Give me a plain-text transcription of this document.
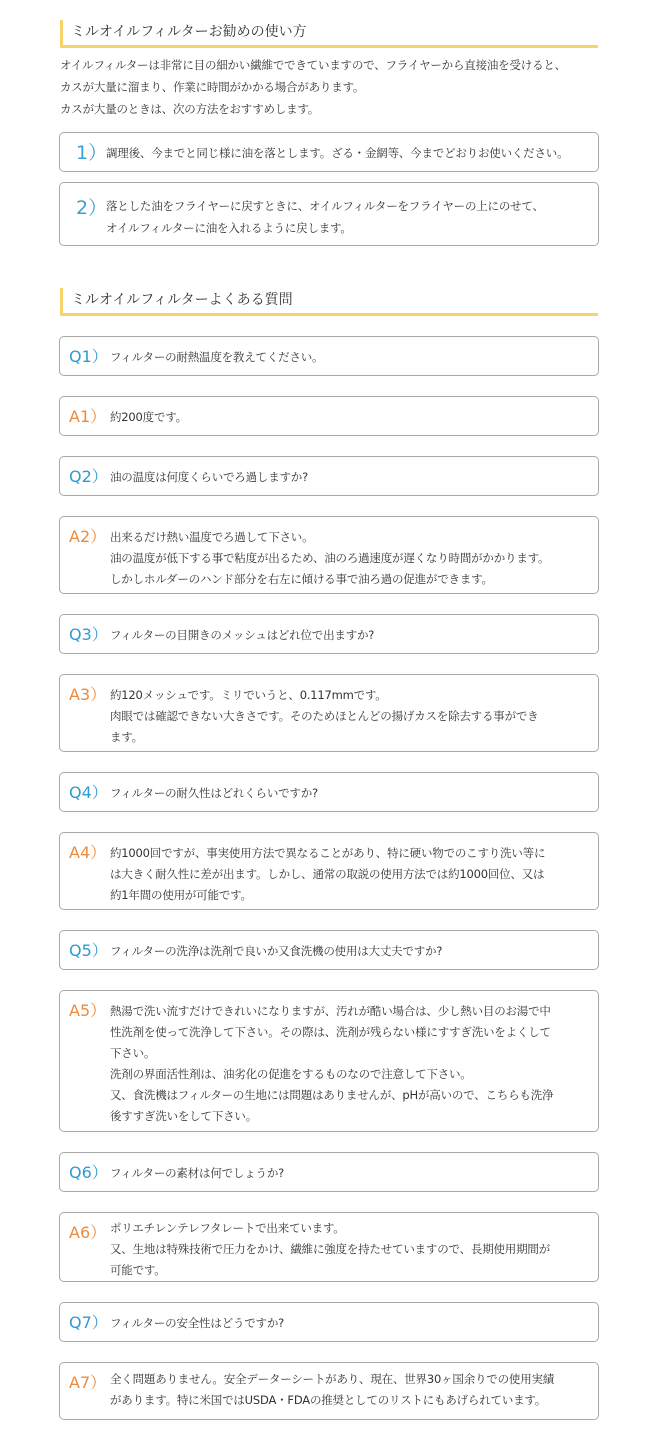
ミルオイルフィルターお勧めの使い方

オイルフィルターは非常に目の細かい繊維でできていますので、フライヤーから直接油を受けると、

カスが大量に溜まり、作業に時間がかかる場合があります。

カスが大量のときは、次の方法をおすすめします。

1）
調理後、今までと同じ様に油を落とします。ざる・金網等、今までどおりお使いください。
2）
落とした油をフライヤーに戻すときに、オイルフィルターをフライヤーの上にのせて、
オイルフィルターに油を入れるように戻します。
ミルオイルフィルターよくある質問
Q1） フィルターの耐熱温度を教えてください。
A1） 約200度です。
Q2） 油の温度は何度くらいでろ過しますか?
A2） 出来るだけ熱い温度でろ過して下さい。
油の温度が低下する事で粘度が出るため、油のろ過速度が遅くなり時間がかかります。
しかしホルダーのハンド部分を右左に傾ける事で油ろ過の促進ができます。
Q3） フィルターの目開きのメッシュはどれ位で出ますか?
A3） 約120メッシュです。ミリでいうと、0.117mmです。
肉眼では確認できない大きさです。そのためほとんどの揚げカスを除去する事ができ
ます。
Q4） フィルターの耐久性はどれくらいですか?
A4） 約1000回ですが、事実使用方法で異なることがあり、特に硬い物でのこすり洗い等に
は大きく耐久性に差が出ます。しかし、通常の取説の使用方法では約1000回位、又は
約1年間の使用が可能です。
Q5） フィルターの洗浄は洗剤で良いか又食洗機の使用は大丈夫ですか?
A5） 熱湯で洗い流すだけできれいになりますが、汚れが酷い場合は、少し熱い目のお湯で中
性洗剤を使って洗浄して下さい。その際は、洗剤が残らない様にすすぎ洗いをよくして
下さい。
洗剤の界面活性剤は、油劣化の促進をするものなので注意して下さい。
又、食洗機はフィルターの生地には問題はありませんが、pHが高いので、こちらも洗浄
後すすぎ洗いをして下さい。
Q6） フィルターの素材は何でしょうか?
A6） ポリエチレンテレフタレートで出来ています。
又、生地は特殊技術で圧力をかけ、繊維に強度を持たせていますので、長期使用期間が
可能です。
Q7） フィルターの安全性はどうですか?
A7） 全く問題ありません。安全データーシートがあり、現在、世界30ヶ国余りでの使用実績
があります。特に米国ではUSDA・FDAの推奨としてのリストにもあげられています。
